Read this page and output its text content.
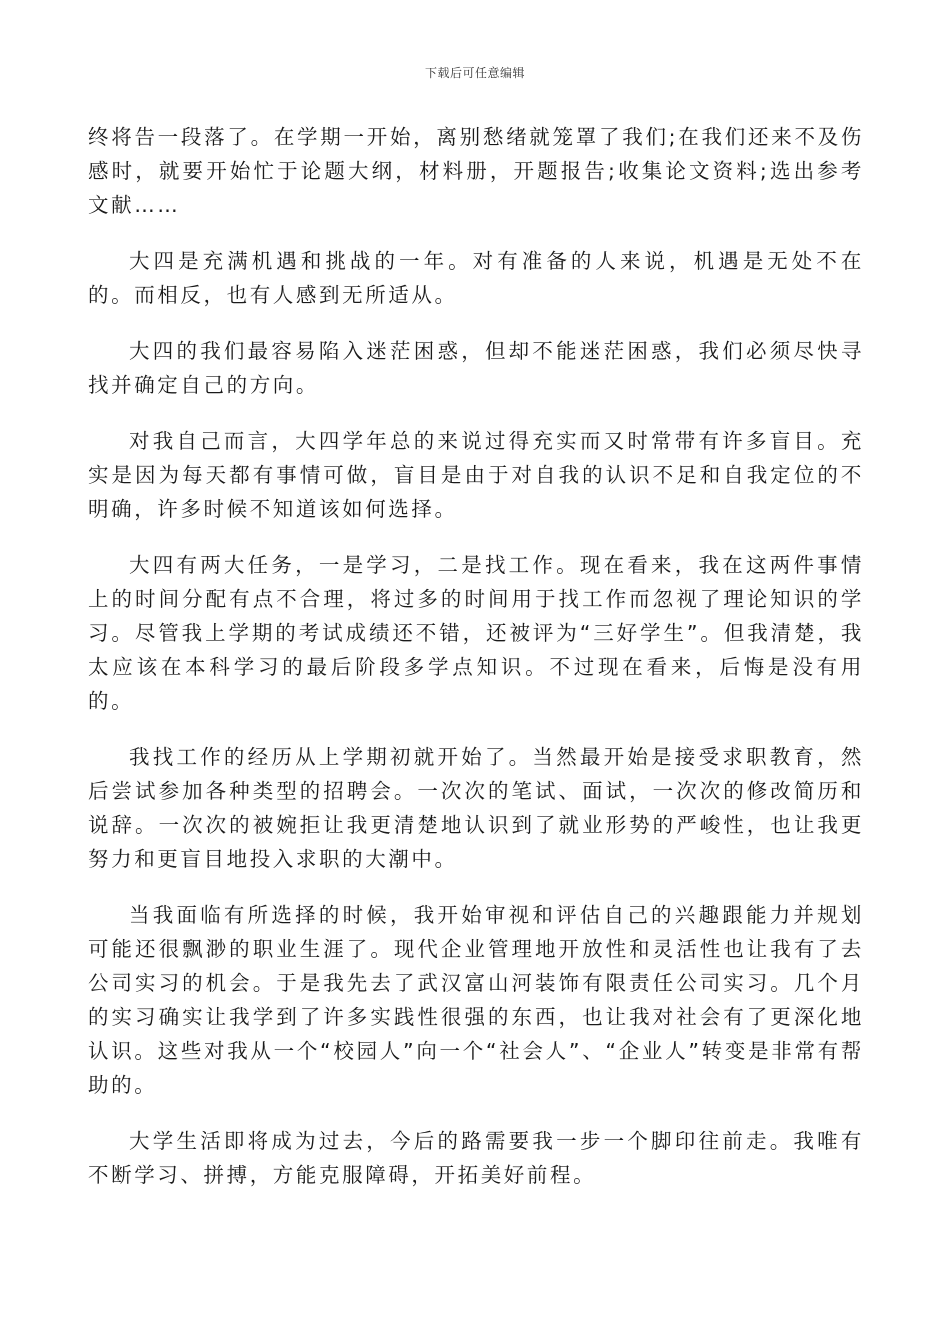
下载后可任意编辑

终将告一段落了。在学期一开始，离别愁绪就笼罩了我们;在我们还来不及伤感时，就要开始忙于论题大纲，材料册，开题报告;收集论文资料;选出参考文献……

大四是充满机遇和挑战的一年。对有准备的人来说，机遇是无处不在的。而相反，也有人感到无所适从。

大四的我们最容易陷入迷茫困惑，但却不能迷茫困惑，我们必须尽快寻找并确定自己的方向。

对我自己而言，大四学年总的来说过得充实而又时常带有许多盲目。充实是因为每天都有事情可做，盲目是由于对自我的认识不足和自我定位的不明确，许多时候不知道该如何选择。

大四有两大任务，一是学习，二是找工作。现在看来，我在这两件事情上的时间分配有点不合理，将过多的时间用于找工作而忽视了理论知识的学习。尽管我上学期的考试成绩还不错，还被评为“三好学生”。但我清楚，我太应该在本科学习的最后阶段多学点知识。不过现在看来，后悔是没有用的。

我找工作的经历从上学期初就开始了。当然最开始是接受求职教育，然后尝试参加各种类型的招聘会。一次次的笔试、面试，一次次的修改简历和说辞。一次次的被婉拒让我更清楚地认识到了就业形势的严峻性，也让我更努力和更盲目地投入求职的大潮中。

当我面临有所选择的时候，我开始审视和评估自己的兴趣跟能力并规划可能还很飘渺的职业生涯了。现代企业管理地开放性和灵活性也让我有了去公司实习的机会。于是我先去了武汉富山河装饰有限责任公司实习。几个月的实习确实让我学到了许多实践性很强的东西，也让我对社会有了更深化地认识。这些对我从一个“校园人”向一个“社会人”、“企业人”转变是非常有帮助的。

大学生活即将成为过去，今后的路需要我一步一个脚印往前走。我唯有不断学习、拼搏，方能克服障碍，开拓美好前程。
